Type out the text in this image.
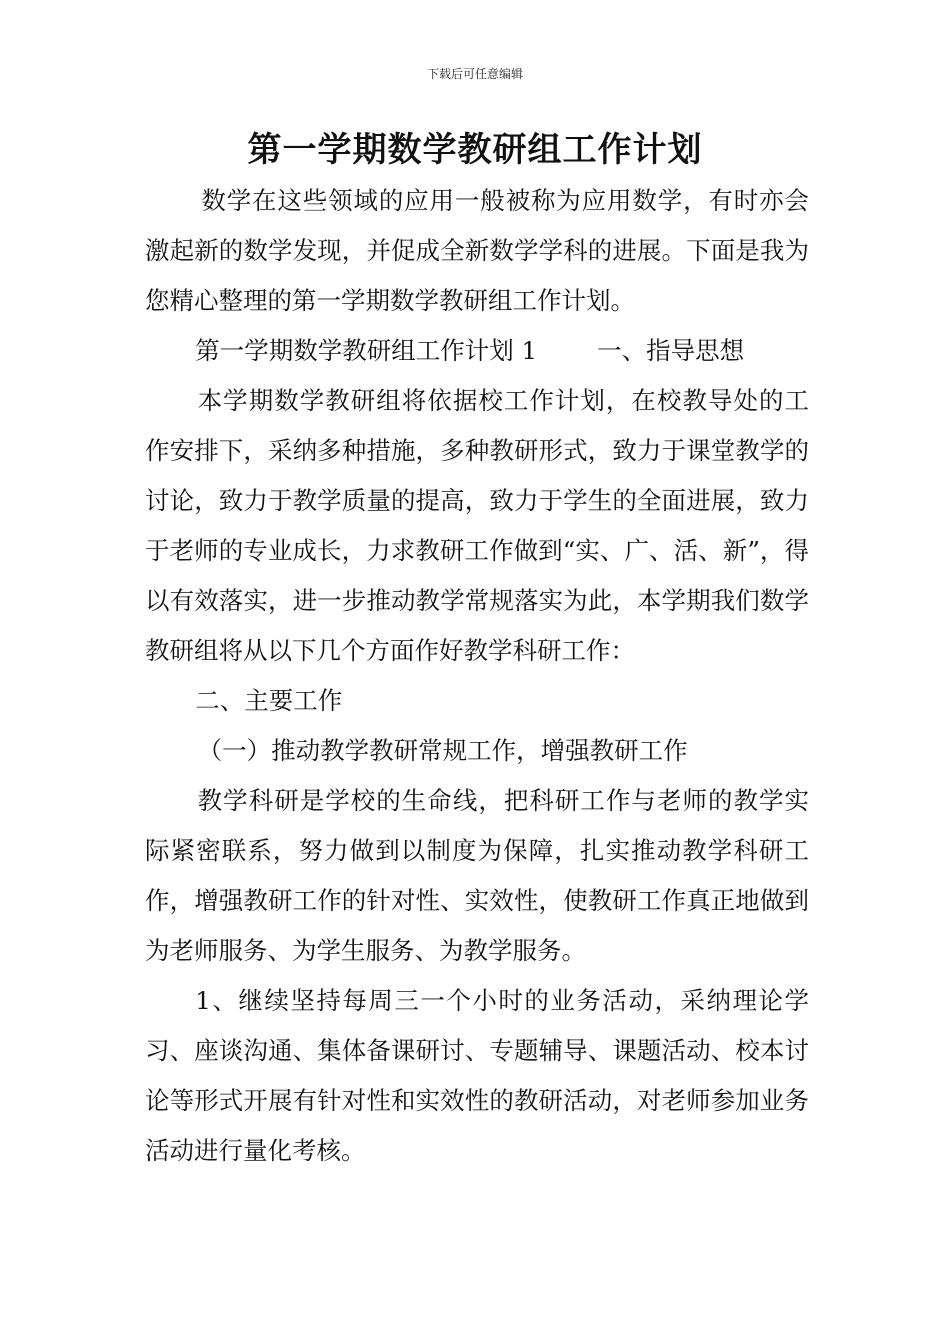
下载后可任意编辑
第一学期数学教研组工作计划

数学在这些领域的应用一般被称为应用数学，有时亦会激起新的数学发现，并促成全新数学学科的进展。下面是我为您精心整理的第一学期数学教研组工作计划。

第一学期数学教研组工作计划 1 一、指导思想

本学期数学教研组将依据校工作计划，在校教导处的工作安排下，采纳多种措施，多种教研形式，致力于课堂教学的讨论，致力于教学质量的提高，致力于学生的全面进展，致力于老师的专业成长，力求教研工作做到“实、广、活、新”，得以有效落实，进一步推动教学常规落实为此，本学期我们数学教研组将从以下几个方面作好教学科研工作：

二、主要工作

（一）推动教学教研常规工作，增强教研工作

教学科研是学校的生命线，把科研工作与老师的教学实际紧密联系，努力做到以制度为保障，扎实推动教学科研工作，增强教研工作的针对性、实效性，使教研工作真正地做到为老师服务、为学生服务、为教学服务。

1、继续坚持每周三一个小时的业务活动，采纳理论学习、座谈沟通、集体备课研讨、专题辅导、课题活动、校本讨论等形式开展有针对性和实效性的教研活动，对老师参加业务活动进行量化考核。
